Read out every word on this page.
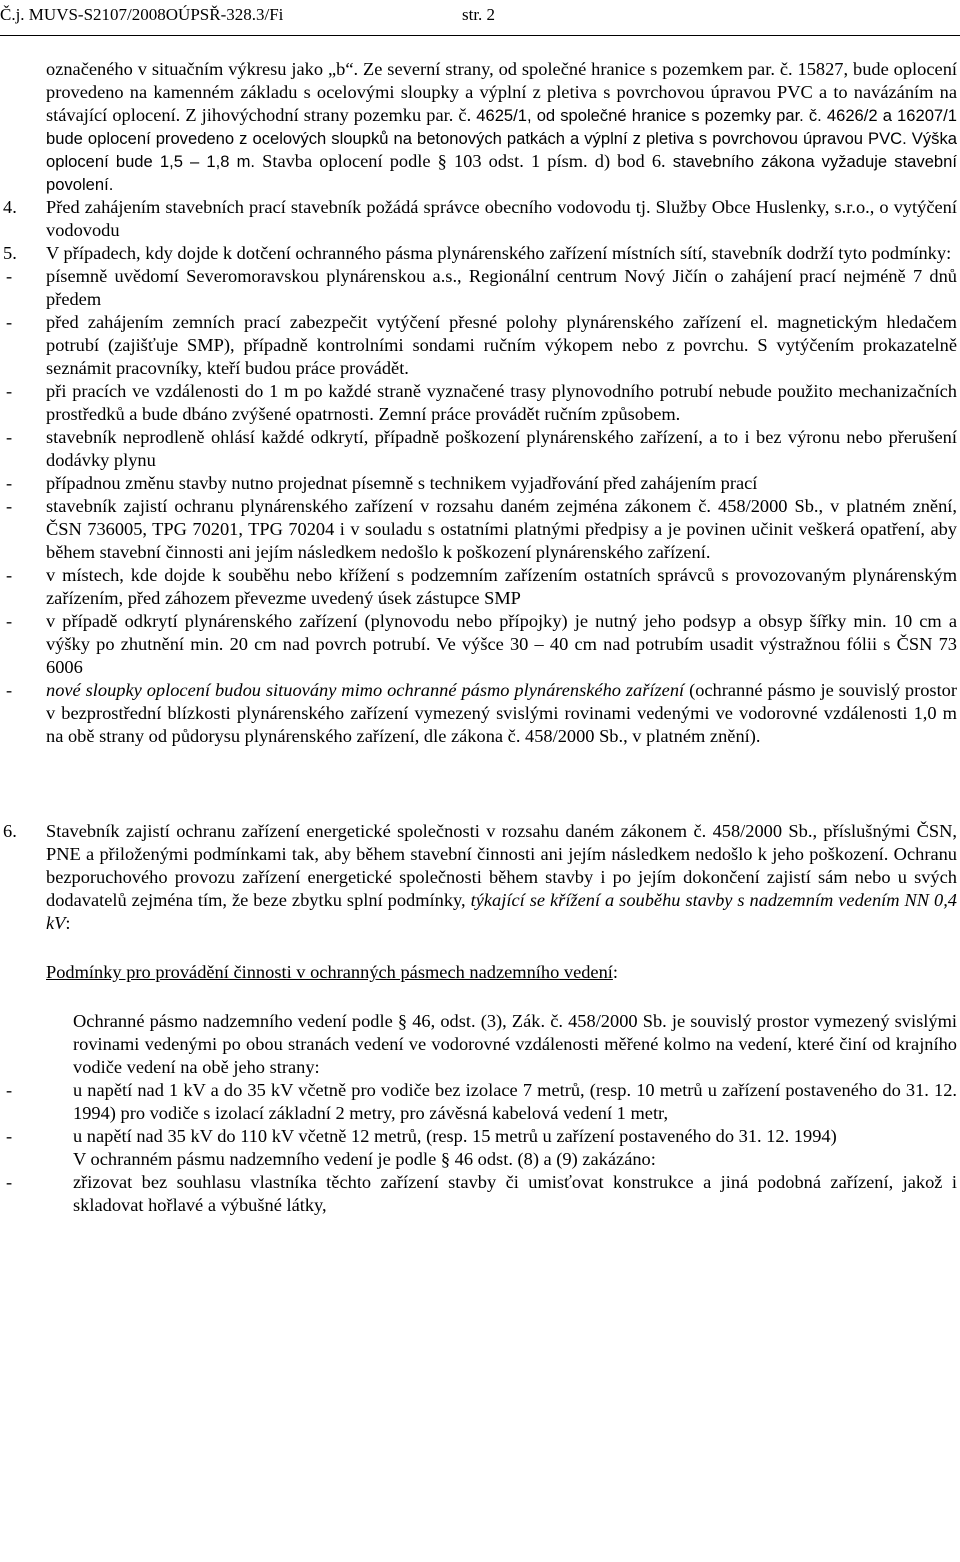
Č.j. MUVS-S2107/2008OÚPSŘ-328.3/Fi	str. 2

označeného v situačním výkresu jako „b“. Ze severní strany, od společné hranice s pozemkem par. č. 15827, bude oplocení provedeno na kamenném základu s ocelovými sloupky a výplní z pletiva s povrchovou úpravou PVC a to navázáním na stávající oplocení. Z jihovýchodní strany pozemku par. č. 4625/1, od společné hranice s pozemky par. č. 4626/2 a 16207/1 bude oplocení provedeno z ocelových sloupků na betonových patkách a výplní z pletiva s povrchovou úpravou PVC. Výška oplocení bude 1,5 – 1,8 m. Stavba oplocení podle § 103 odst. 1 písm. d) bod 6. stavebního zákona vyžaduje stavební povolení.

4.	Před zahájením stavebních prací stavebník požádá správce obecního vodovodu tj. Služby Obce Huslenky, s.r.o., o vytýčení vodovodu
5.	V případech, kdy dojde k dotčení ochranného pásma plynárenského zařízení místních sítí, stavebník dodrží tyto podmínky:
-	písemně uvědomí Severomoravskou plynárenskou a.s., Regionální centrum Nový Jičín o zahájení prací nejméně 7 dnů předem
-	před zahájením zemních prací zabezpečit vytýčení přesné polohy plynárenského zařízení el. magnetickým hledačem potrubí (zajišťuje SMP), případně kontrolními sondami ručním výkopem nebo z povrchu. S vytýčením prokazatelně seznámit pracovníky, kteří budou práce provádět.
-	při pracích ve vzdálenosti do 1 m po každé straně vyznačené trasy plynovodního potrubí nebude použito mechanizačních prostředků a bude dbáno zvýšené opatrnosti. Zemní práce provádět ručním způsobem.
-	stavebník neprodleně ohlásí každé odkrytí, případně poškození plynárenského zařízení, a to i bez výronu nebo přerušení dodávky plynu
-	případnou změnu stavby nutno projednat písemně s technikem vyjadřování před zahájením prací
-	stavebník zajistí ochranu plynárenského zařízení v rozsahu daném zejména zákonem č. 458/2000 Sb., v platném znění, ČSN 736005, TPG 70201, TPG 70204 i v souladu s ostatními platnými předpisy a je povinen učinit veškerá opatření, aby během stavební činnosti ani jejím následkem nedošlo k poškození plynárenského zařízení.
-	v místech, kde dojde k souběhu nebo křížení s podzemním zařízením ostatních správců s provozovaným plynárenským zařízením, před záhozem převezme uvedený úsek zástupce SMP
-	v případě odkrytí plynárenského zařízení (plynovodu nebo přípojky) je nutný jeho podsyp a obsyp šířky min. 10 cm a výšky po zhutnění min. 20 cm nad povrch potrubí. Ve výšce 30 – 40 cm nad potrubím usadit výstražnou fólii s ČSN 73 6006
-	nové sloupky oplocení budou situovány mimo ochranné pásmo plynárenského zařízení (ochranné pásmo je souvislý prostor v bezprostřední blízkosti plynárenského zařízení vymezený svislými rovinami vedenými ve vodorovné vzdálenosti 1,0 m na obě strany od půdorysu plynárenského zařízení, dle zákona č. 458/2000 Sb., v platném znění).
6.	Stavebník zajistí ochranu zařízení energetické společnosti v rozsahu daném zákonem č. 458/2000 Sb., příslušnými ČSN, PNE a přiloženými podmínkami tak, aby během stavební činnosti ani jejím následkem nedošlo k jeho poškození. Ochranu bezporuchového provozu zařízení energetické společnosti během stavby i po jejím dokončení zajistí sám nebo u svých dodavatelů zejména tím, že beze zbytku splní podmínky, týkající se křížení a souběhu stavby s nadzemním vedením NN 0,4 kV:

Podmínky pro provádění činnosti v ochranných pásmech nadzemního vedení:

Ochranné pásmo nadzemního vedení podle § 46, odst. (3), Zák. č. 458/2000 Sb. je souvislý prostor vymezený svislými rovinami vedenými po obou stranách vedení ve vodorovné vzdálenosti měřené kolmo na vedení, které činí od krajního vodiče vedení na obě jeho strany:

-	u napětí nad 1 kV a do 35 kV včetně pro vodiče bez izolace 7 metrů, (resp. 10 metrů u zařízení postaveného do 31. 12. 1994) pro vodiče s izolací základní 2 metry, pro závěsná kabelová vedení 1 metr,
-	u napětí nad 35 kV do 110 kV včetně 12 metrů, (resp. 15 metrů u zařízení postaveného do 31. 12. 1994)

V ochranném pásmu nadzemního vedení je podle § 46 odst. (8) a (9) zakázáno:

-	zřizovat bez souhlasu vlastníka těchto zařízení stavby či umisťovat konstrukce a jiná podobná zařízení, jakož i skladovat hořlavé a výbušné látky,
